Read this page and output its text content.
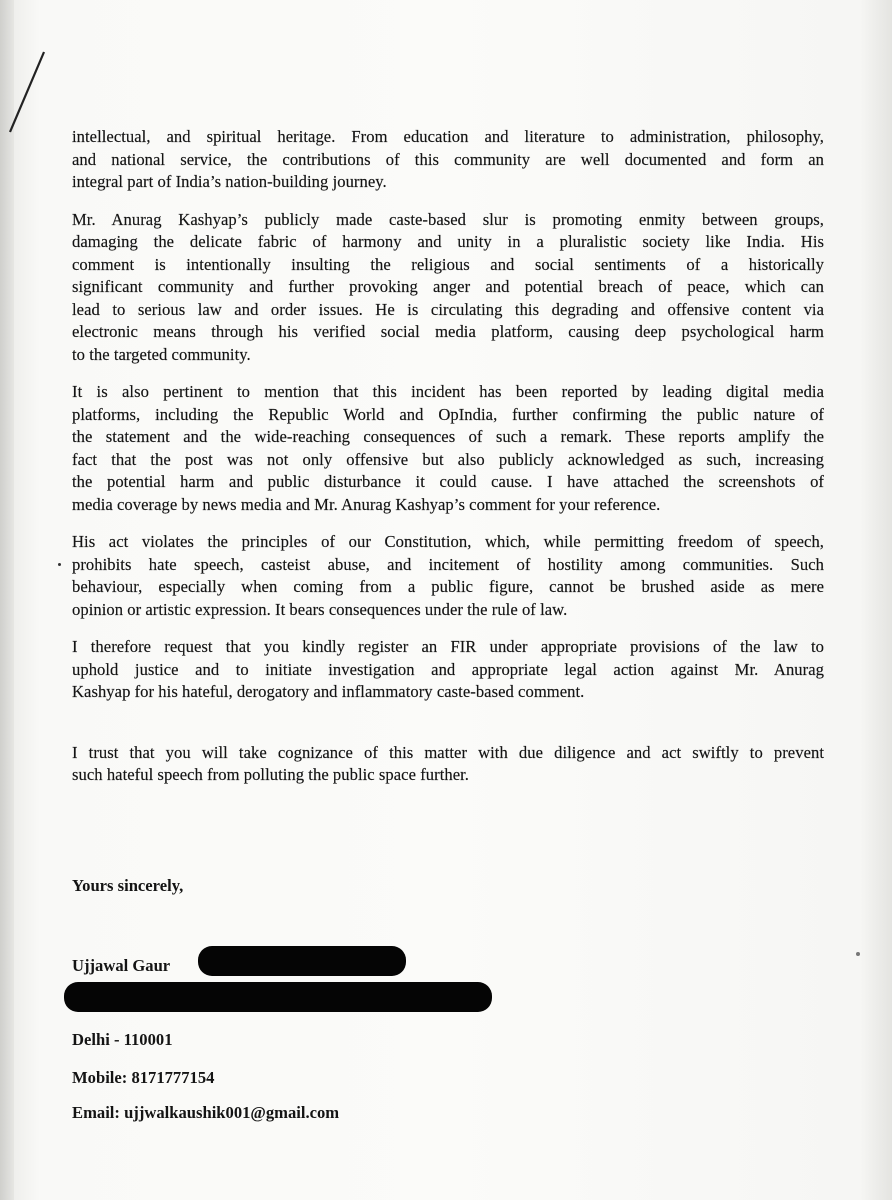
intellectual, and spiritual heritage. From education and literature to administration, philosophy,
and national service, the contributions of this community are well documented and form an
integral part of India’s nation-building journey.

Mr. Anurag Kashyap’s publicly made caste-based slur is promoting enmity between groups,
damaging the delicate fabric of harmony and unity in a pluralistic society like India. His
comment is intentionally insulting the religious and social sentiments of a historically
significant community and further provoking anger and potential breach of peace, which can
lead to serious law and order issues. He is circulating this degrading and offensive content via
electronic means through his verified social media platform, causing deep psychological harm
to the targeted community.

It is also pertinent to mention that this incident has been reported by leading digital media
platforms, including the Republic World and OpIndia, further confirming the public nature of
the statement and the wide-reaching consequences of such a remark. These reports amplify the
fact that the post was not only offensive but also publicly acknowledged as such, increasing
the potential harm and public disturbance it could cause. I have attached the screenshots of
media coverage by news media and Mr. Anurag Kashyap’s comment for your reference.

His act violates the principles of our Constitution, which, while permitting freedom of speech,
prohibits hate speech, casteist abuse, and incitement of hostility among communities. Such
behaviour, especially when coming from a public figure, cannot be brushed aside as mere
opinion or artistic expression. It bears consequences under the rule of law.

I therefore request that you kindly register an FIR under appropriate provisions of the law to
uphold justice and to initiate investigation and appropriate legal action against Mr. Anurag
Kashyap for his hateful, derogatory and inflammatory caste-based comment.

I trust that you will take cognizance of this matter with due diligence and act swiftly to prevent
such hateful speech from polluting the public space further.

Yours sincerely,
Ujjawal Gaur
Delhi - 110001
Mobile: 8171777154
Email: ujjwalkaushik001@gmail.com
